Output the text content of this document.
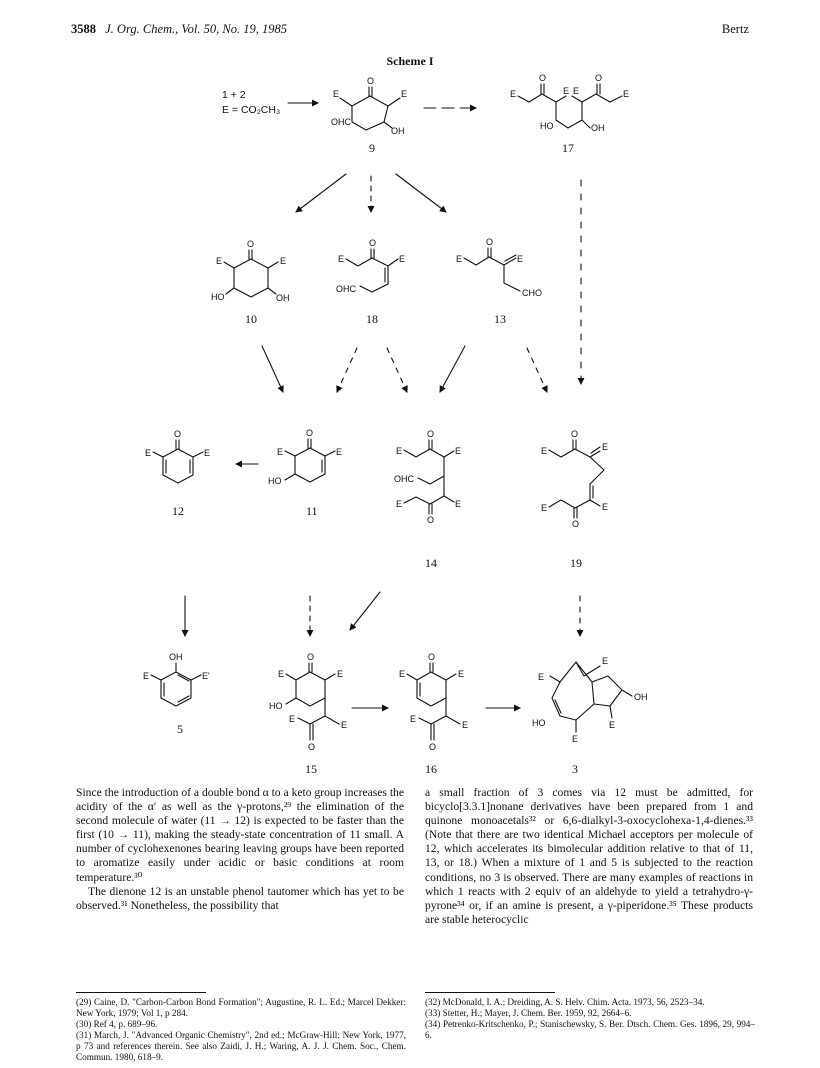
3588 J. Org. Chem., Vol. 50, No. 19, 1985	Bertz
Scheme I
1 + 2
E = CO₂CH₃
O
E	E
OHC
OH
O	O
E	E E	E
HO	OH
O
E	E
HO	OH
O
E	E
OHC
O
E	E
CHO
O
E	E
O
E	E
HO
O
E	E
OHC
E	E
O
O
E	E
E	E
O
OH
E	E'
O
E	E
HO
E
E
O
O
E	E
E
E
O
E
E
OH
HO
E
E
9	17
10	18	13
12	11
14	19
5
15	16	3

Since the introduction of a double bond α to a keto group increases the acidity of the α′ as well as the γ-protons,²⁹ the elimination of the second molecule of water (11 → 12) is expected to be faster than the first (10 → 11), making the steady-state concentration of 11 small. A number of cyclohexenones bearing leaving groups have been reported to aromatize easily under acidic or basic conditions at room temperature.³⁰

The dienone 12 is an unstable phenol tautomer which has yet to be observed.³¹ Nonetheless, the possibility that

a small fraction of 3 comes via 12 must be admitted, for bicyclo[3.3.1]nonane derivatives have been prepared from 1 and quinone monoacetals³² or 6,6-dialkyl-3-oxocyclohexa-1,4-dienes.³³ (Note that there are two identical Michael acceptors per molecule of 12, which accelerates its bimolecular addition relative to that of 11, 13, or 18.) When a mixture of 1 and 5 is subjected to the reaction conditions, no 3 is observed. There are many examples of reactions in which 1 reacts with 2 equiv of an aldehyde to yield a tetrahydro-γ-pyrone³⁴ or, if an amine is present, a γ-piperidone.³⁵ These products are stable heterocyclic

(29) Caine, D. "Carbon-Carbon Bond Formation"; Augustine, R. L. Ed.; Marcel Dekker: New York, 1979; Vol 1, p 284.

(30) Ref 4, p. 689–96.

(31) March, J. "Advanced Organic Chemistry", 2nd ed.; McGraw-Hill: New York, 1977, p 73 and references therein. See also Zaidi, J. H.; Waring, A. J. J. Chem. Soc., Chem. Commun. 1980, 618–9.

(32) McDonald, I. A.; Dreiding, A. S. Helv. Chim. Acta. 1973, 56, 2523–34.

(33) Stetter, H.; Mayer, J. Chem. Ber. 1959, 92, 2664–6.

(34) Petrenko-Kritschenko, P.; Stanischewsky, S. Ber. Dtsch. Chem. Ges. 1896, 29, 994–6.
